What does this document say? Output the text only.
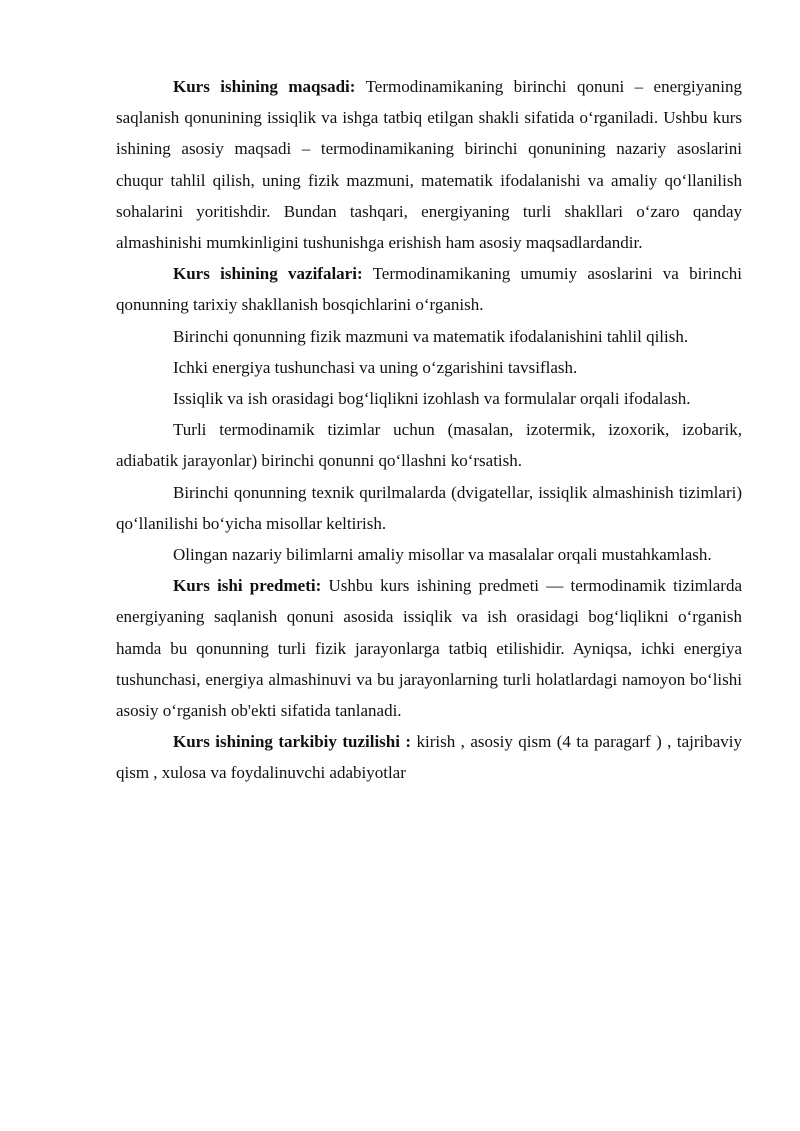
Kurs ishining maqsadi: Termodinamikaning birinchi qonuni – energiyaning saqlanish qonunining issiqlik va ishga tatbiq etilgan shakli sifatida o‘rganiladi. Ushbu kurs ishining asosiy maqsadi – termodinamikaning birinchi qonunining nazariy asoslarini chuqur tahlil qilish, uning fizik mazmuni, matematik ifodalanishi va amaliy qo‘llanilish sohalarini yoritishdir. Bundan tashqari, energiyaning turli shakllari o‘zaro qanday almashinishi mumkinligini tushunishga erishish ham asosiy maqsadlardandir.

Kurs ishining vazifalari: Termodinamikaning umumiy asoslarini va birinchi qonunning tarixiy shakllanish bosqichlarini o‘rganish.

Birinchi qonunning fizik mazmuni va matematik ifodalanishini tahlil qilish.

Ichki energiya tushunchasi va uning o‘zgarishini tavsiflash.

Issiqlik va ish orasidagi bog‘liqlikni izohlash va formulalar orqali ifodalash.

Turli termodinamik tizimlar uchun (masalan, izotermik, izoxorik, izobarik, adiabatik jarayonlar) birinchi qonunni qo‘llashni ko‘rsatish.

Birinchi qonunning texnik qurilmalarda (dvigatellar, issiqlik almashinish tizimlari) qo‘llanilishi bo‘yicha misollar keltirish.

Olingan nazariy bilimlarni amaliy misollar va masalalar orqali mustahkamlash.

Kurs ishi predmeti: Ushbu kurs ishining predmeti — termodinamik tizimlarda energiyaning saqlanish qonuni asosida issiqlik va ish orasidagi bog‘liqlikni o‘rganish hamda bu qonunning turli fizik jarayonlarga tatbiq etilishidir. Ayniqsa, ichki energiya tushunchasi, energiya almashinuvi va bu jarayonlarning turli holatlardagi namoyon bo‘lishi asosiy o‘rganish ob'ekti sifatida tanlanadi.

Kurs ishining tarkibiy tuzilishi : kirish , asosiy qism (4 ta paragarf ) , tajribaviy qism , xulosa va foydalinuvchi adabiyotlar
